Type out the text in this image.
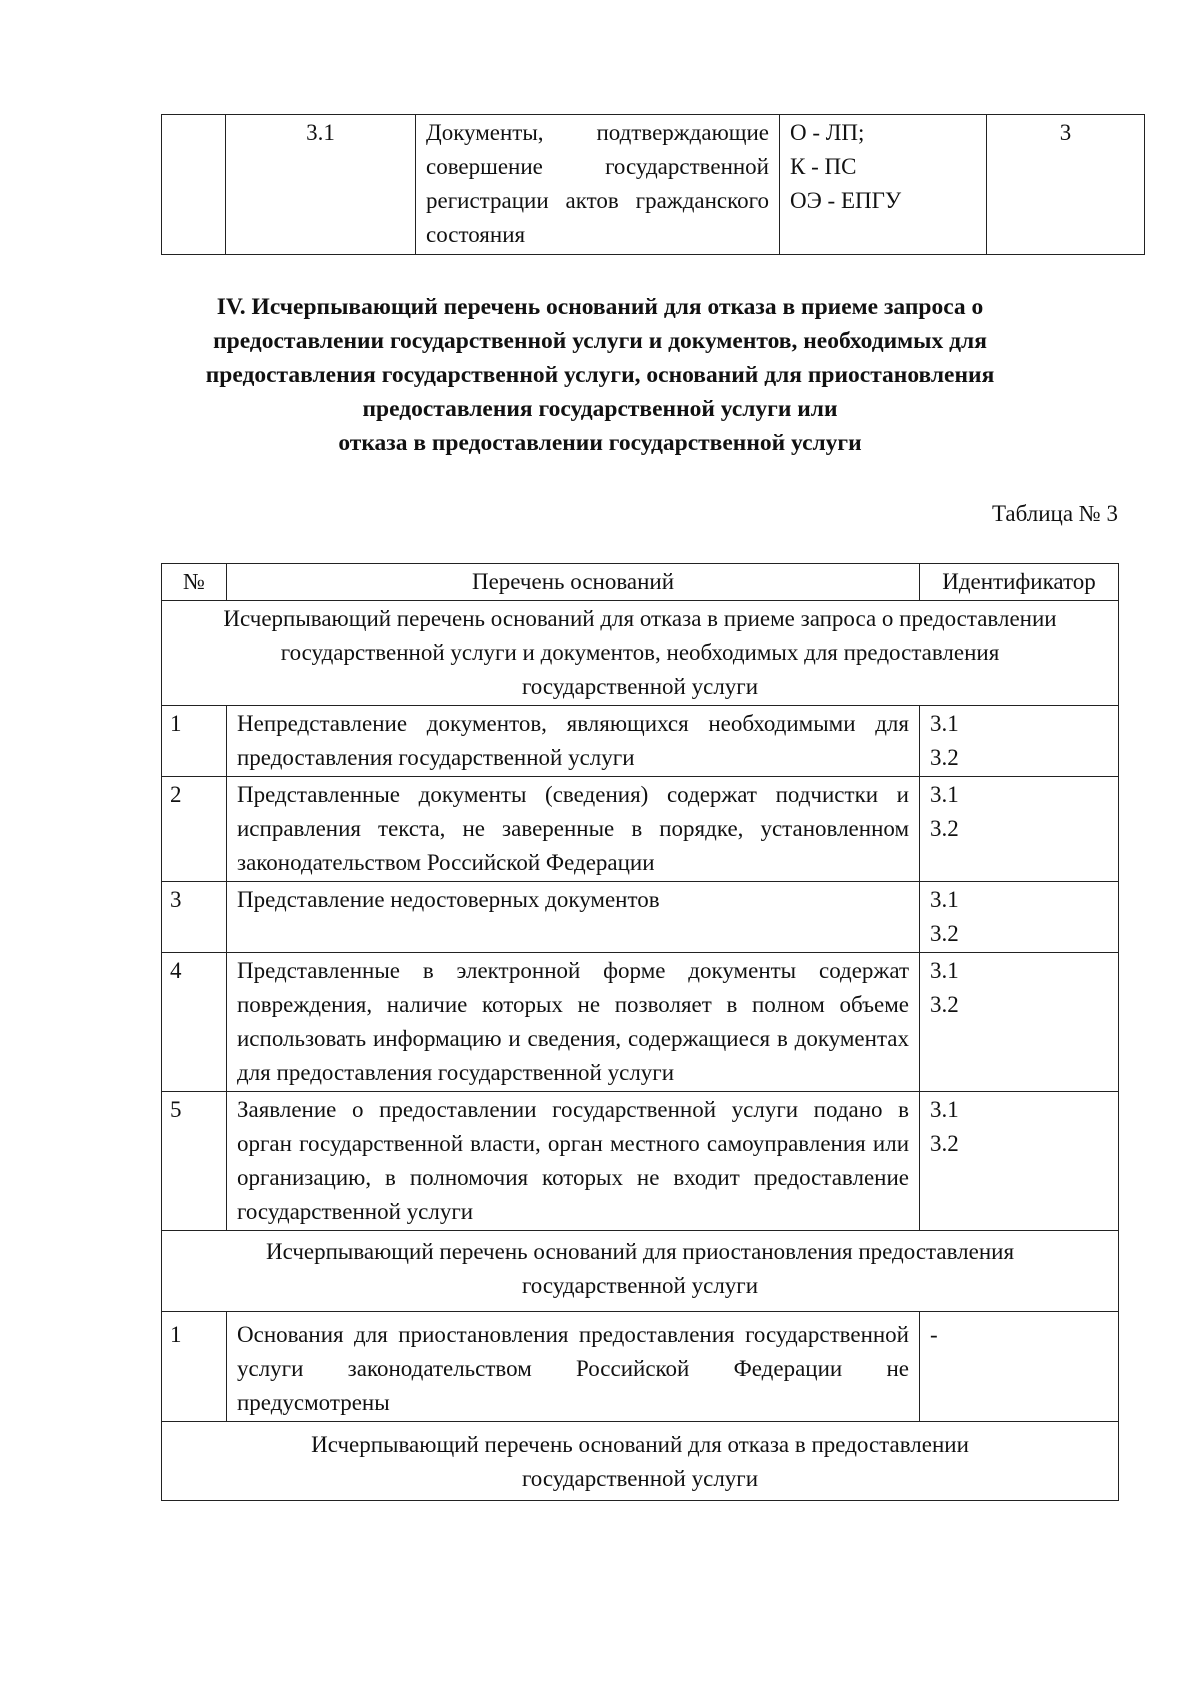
	3.1	Документы, подтверждающие совершение государственной регистрации актов гражданского состояния	О - ЛП;
К - ПС
ОЭ - ЕПГУ	3
IV. Исчерпывающий перечень оснований для отказа в приеме запроса о
предоставлении государственной услуги и документов, необходимых для
предоставления государственной услуги, оснований для приостановления
предоставления государственной услуги или
отказа в предоставлении государственной услуги
Таблица № 3
№	Перечень оснований	Идентификатор
Исчерпывающий перечень оснований для отказа в приеме запроса о предоставлении государственной услуги и документов, необходимых для предоставления государственной услуги		
1	Непредставление документов, являющихся необходимыми для предоставления государственной услуги	3.1
3.2
2	Представленные документы (сведения) содержат подчистки и исправления текста, не заверенные в порядке, установленном законодательством Российской Федерации	3.1
3.2
3	Представление недостоверных документов	3.1
3.2
4	Представленные в электронной форме документы содержат повреждения, наличие которых не позволяет в полном объеме использовать информацию и сведения, содержащиеся в документах для предоставления государственной услуги	3.1
3.2
5	Заявление о предоставлении государственной услуги подано в орган государственной власти, орган местного самоуправления или организацию, в полномочия которых не входит предоставление государственной услуги	3.1
3.2
Исчерпывающий перечень оснований для приостановления предоставления государственной услуги		
1	Основания для приостановления предоставления государственной услуги законодательством Российской Федерации не предусмотрены	-
Исчерпывающий перечень оснований для отказа в предоставлении государственной услуги		
